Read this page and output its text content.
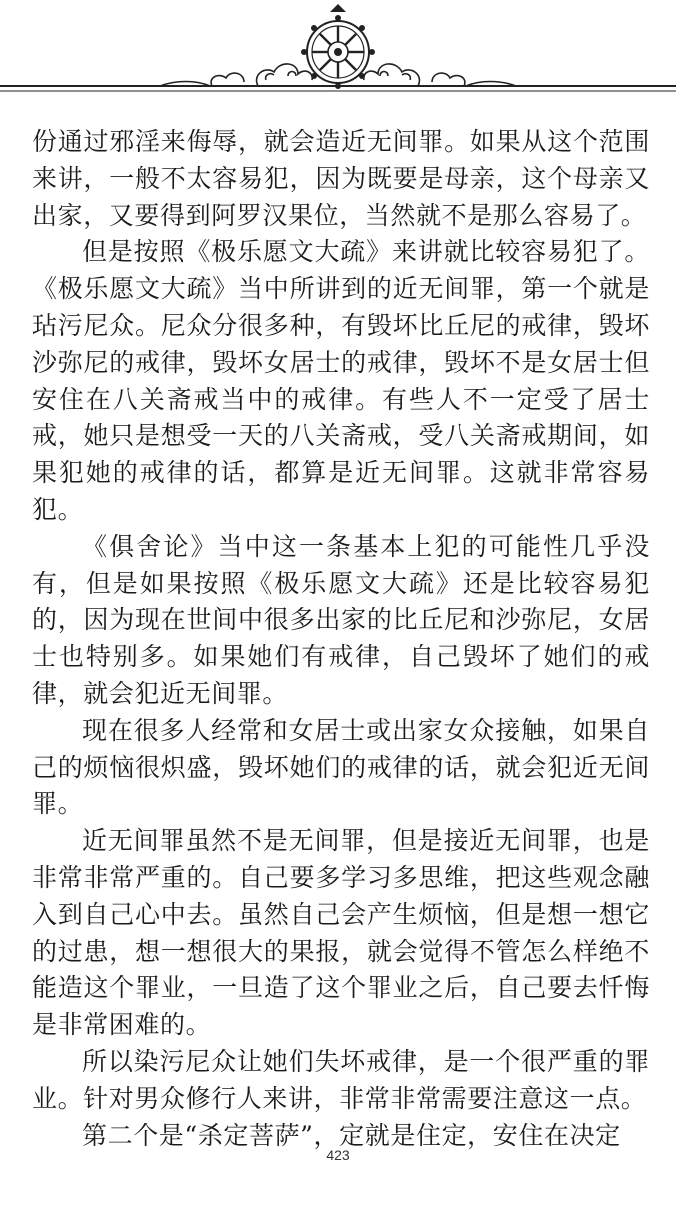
份通过邪淫来侮辱，就会造近无间罪。如果从这个范围来讲，一般不太容易犯，因为既要是母亲，这个母亲又出家，又要得到阿罗汉果位，当然就不是那么容易了。

但是按照《极乐愿文大疏》来讲就比较容易犯了。《极乐愿文大疏》当中所讲到的近无间罪，第一个就是玷污尼众。尼众分很多种，有毁坏比丘尼的戒律，毁坏沙弥尼的戒律，毁坏女居士的戒律，毁坏不是女居士但安住在八关斋戒当中的戒律。有些人不一定受了居士戒，她只是想受一天的八关斋戒，受八关斋戒期间，如果犯她的戒律的话，都算是近无间罪。这就非常容易犯。

《俱舍论》当中这一条基本上犯的可能性几乎没有，但是如果按照《极乐愿文大疏》还是比较容易犯的，因为现在世间中很多出家的比丘尼和沙弥尼，女居士也特别多。如果她们有戒律，自己毁坏了她们的戒律，就会犯近无间罪。

现在很多人经常和女居士或出家女众接触，如果自己的烦恼很炽盛，毁坏她们的戒律的话，就会犯近无间罪。

近无间罪虽然不是无间罪，但是接近无间罪，也是非常非常严重的。自己要多学习多思维，把这些观念融入到自己心中去。虽然自己会产生烦恼，但是想一想它的过患，想一想很大的果报，就会觉得不管怎么样绝不能造这个罪业，一旦造了这个罪业之后，自己要去忏悔是非常困难的。

所以染污尼众让她们失坏戒律，是一个很严重的罪业。针对男众修行人来讲，非常非常需要注意这一点。

第二个是“杀定菩萨”，定就是住定，安住在决定

423
